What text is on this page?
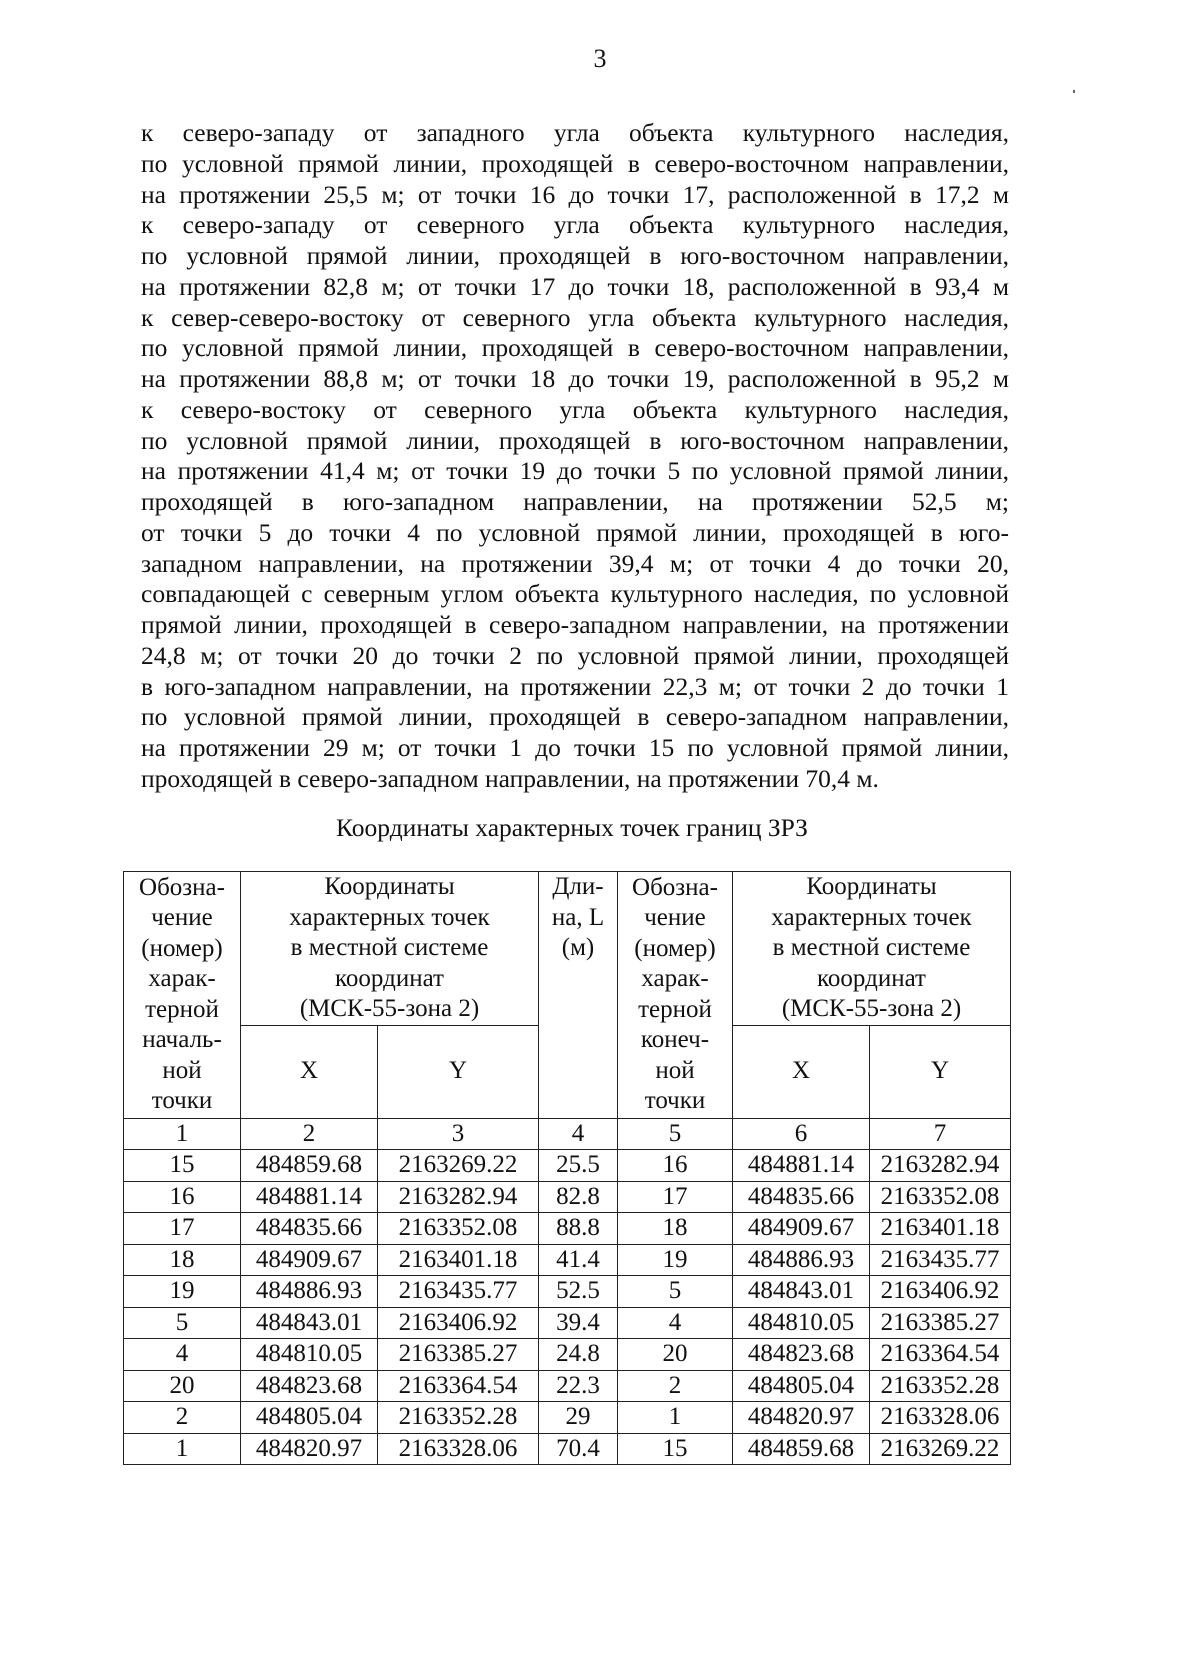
3
к северо-западу от западного угла объекта культурного наследия,
по условной прямой линии, проходящей в северо-восточном направлении,
на протяжении 25,5 м; от точки 16 до точки 17, расположенной в 17,2 м
к северо-западу от северного угла объекта культурного наследия,
по условной прямой линии, проходящей в юго-восточном направлении,
на протяжении 82,8 м; от точки 17 до точки 18, расположенной в 93,4 м
к север-северо-востоку от северного угла объекта культурного наследия,
по условной прямой линии, проходящей в северо-восточном направлении,
на протяжении 88,8 м; от точки 18 до точки 19, расположенной в 95,2 м
к северо-востоку от северного угла объекта культурного наследия,
по условной прямой линии, проходящей в юго-восточном направлении,
на протяжении 41,4 м; от точки 19 до точки 5 по условной прямой линии,
проходящей в юго-западном направлении, на протяжении 52,5 м;
от точки 5 до точки 4 по условной прямой линии, проходящей в юго-
западном направлении, на протяжении 39,4 м; от точки 4 до точки 20,
совпадающей с северным углом объекта культурного наследия, по условной
прямой линии, проходящей в северо-западном направлении, на протяжении
24,8 м; от точки 20 до точки 2 по условной прямой линии, проходящей
в юго-западном направлении, на протяжении 22,3 м; от точки 2 до точки 1
по условной прямой линии, проходящей в северо-западном направлении,
на протяжении 29 м; от точки 1 до точки 15 по условной прямой линии,
проходящей в северо-западном направлении, на протяжении 70,4 м.
Координаты характерных точек границ ЗРЗ
Обозна-
чение
(номер)
харак-
терной
началь-
ной
точки

Координаты
характерных точек
в местной системе
координат
(МСК-55-зона 2)

Дли-
на, L
(м)

Обозна-
чение
(номер)
харак-
терной
конеч-
ной
точки

Координаты
характерных точек
в местной системе
координат
(МСК-55-зона 2)

	X	Y			X	Y
1	2	3	4	5	6	7
15	484859.68	2163269.22	25.5	16	484881.14	2163282.94
16	484881.14	2163282.94	82.8	17	484835.66	2163352.08
17	484835.66	2163352.08	88.8	18	484909.67	2163401.18
18	484909.67	2163401.18	41.4	19	484886.93	2163435.77
19	484886.93	2163435.77	52.5	5	484843.01	2163406.92
5	484843.01	2163406.92	39.4	4	484810.05	2163385.27
4	484810.05	2163385.27	24.8	20	484823.68	2163364.54
20	484823.68	2163364.54	22.3	2	484805.04	2163352.28
2	484805.04	2163352.28	29	1	484820.97	2163328.06
1	484820.97	2163328.06	70.4	15	484859.68	2163269.22
